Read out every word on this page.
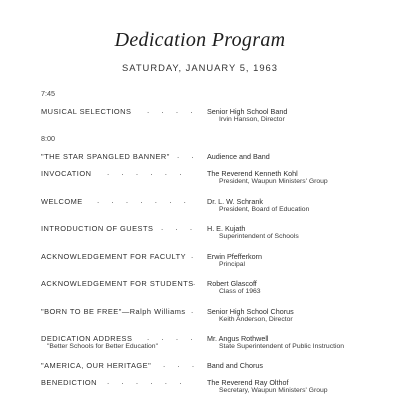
Dedication Program
SATURDAY, JANUARY 5, 1963
7:45
MUSICAL SELECTIONS . . . . Senior High School Band
Irvin Hanson, Director
8:00
"THE STAR SPANGLED BANNER" . . Audience and Band
INVOCATION . . . . . .	The Reverend Kenneth Kohl
President, Waupun Ministers' Group
WELCOME . . . . . . . Dr. L. W. Schrank
President, Board of Education
INTRODUCTION OF GUESTS . . . H. E. Kujath
Superintendent of Schools
ACKNOWLEDGEMENT FOR FACULTY . Erwin Pfefferkorn
Principal
ACKNOWLEDGEMENT FOR STUDENTS . Robert Glascoff
Class of 1963
"BORN TO BE FREE"—Ralph Williams . Senior High School Chorus
Keith Anderson, Director
DEDICATION ADDRESS
"Better Schools for Better Education"
. . . . Mr. Angus Rothwell
State Superintendent of Public Instruction
"AMERICA, OUR HERITAGE" . . . Band and Chorus
BENEDICTION . . . . . .	The Reverend Ray Olthof
Secretary, Waupun Ministers' Group
